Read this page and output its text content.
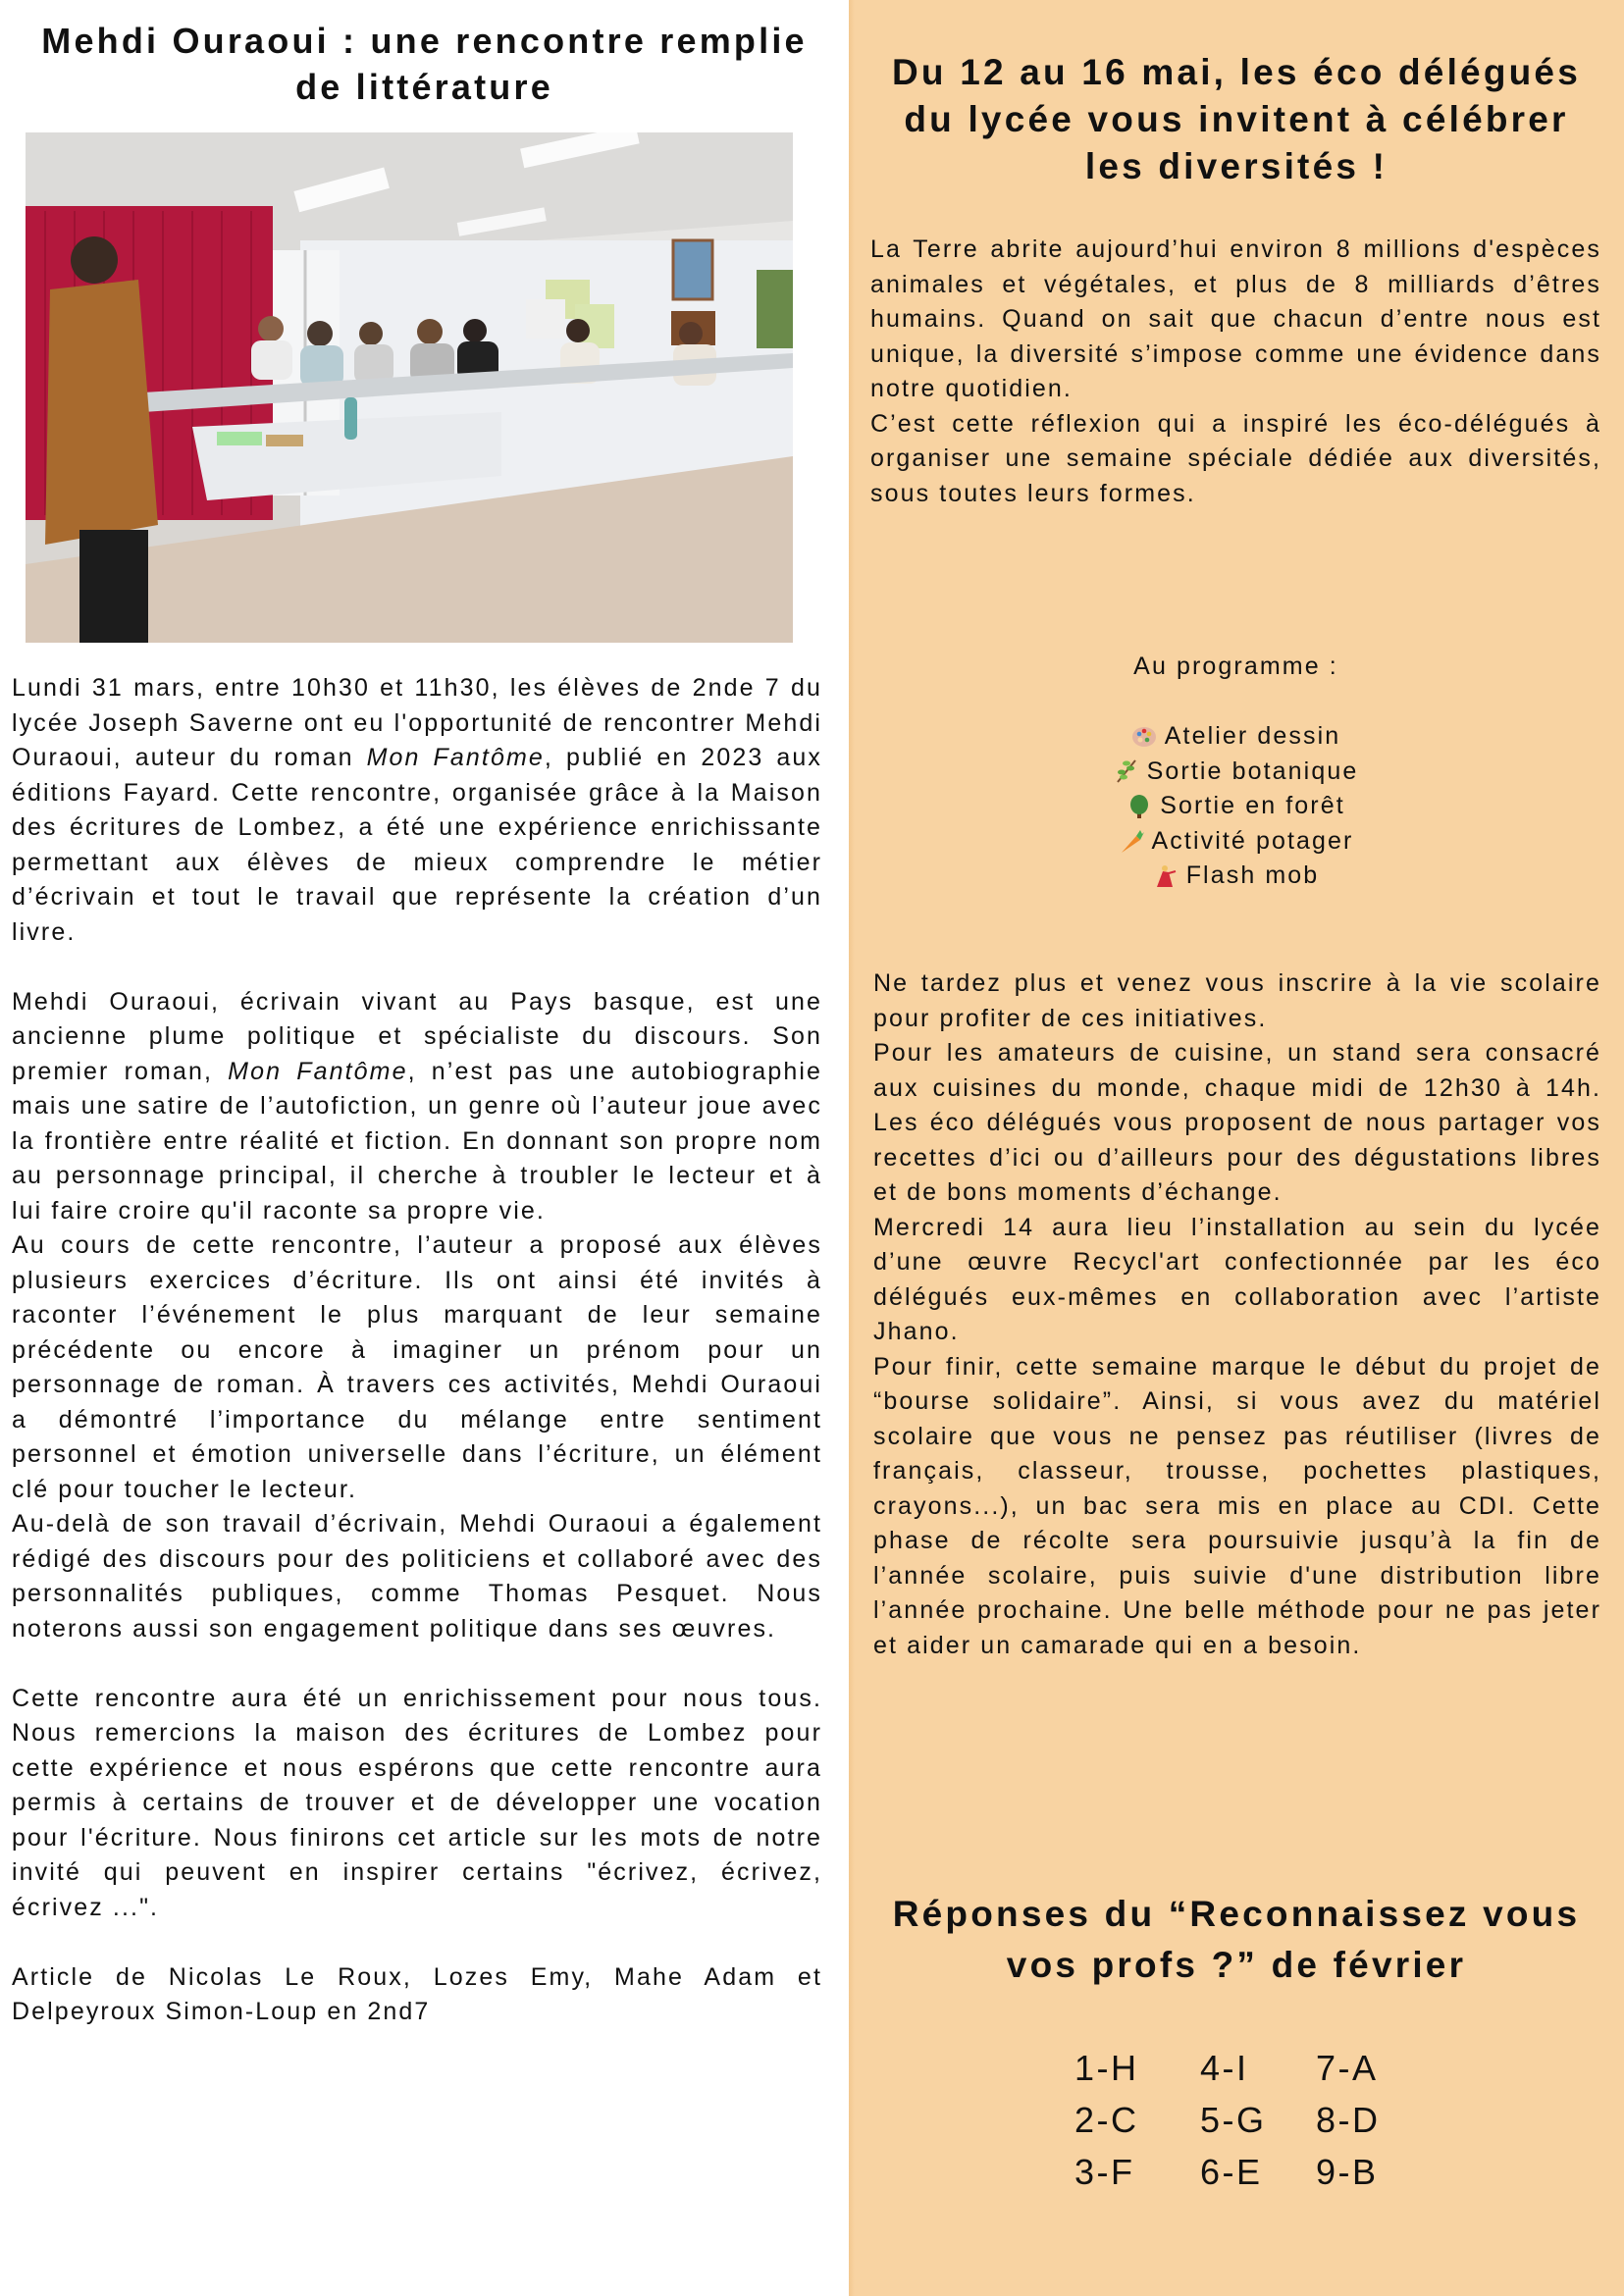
Mehdi Ouraoui : une rencontre remplie de littérature

Lundi 31 mars, entre 10h30 et 11h30, les élèves de 2nde 7 du lycée Joseph Saverne ont eu l'opportunité de rencontrer Mehdi Ouraoui, auteur du roman Mon Fantôme, publié en 2023 aux éditions Fayard. Cette rencontre, organisée grâce à la Maison des écritures de Lombez, a été une expérience enrichissante permettant aux élèves de mieux comprendre le métier d’écrivain et tout le travail que représente la création d’un livre.

Mehdi Ouraoui, écrivain vivant au Pays basque, est une ancienne plume politique et spécialiste du discours. Son premier roman, Mon Fantôme, n’est pas une autobiographie mais une satire de l’autofiction, un genre où l’auteur joue avec la frontière entre réalité et fiction. En donnant son propre nom au personnage principal, il cherche à troubler le lecteur et à lui faire croire qu'il raconte sa propre vie.

Au cours de cette rencontre, l’auteur a proposé aux élèves plusieurs exercices d’écriture. Ils ont ainsi été invités à raconter l’événement le plus marquant de leur semaine précédente ou encore à imaginer un prénom pour un personnage de roman. À travers ces activités, Mehdi Ouraoui a démontré l’importance du mélange entre sentiment personnel et émotion universelle dans l’écriture, un élément clé pour toucher le lecteur.

Au-delà de son travail d’écrivain, Mehdi Ouraoui a également rédigé des discours pour des politiciens et collaboré avec des personnalités publiques, comme Thomas Pesquet. Nous noterons aussi son engagement politique dans ses œuvres.

Cette rencontre aura été un enrichissement pour nous tous. Nous remercions la maison des écritures de Lombez pour cette expérience et nous espérons que cette rencontre aura permis à certains de trouver et de développer une vocation pour l'écriture. Nous finirons cet article sur les mots de notre invité qui peuvent en inspirer certains "écrivez, écrivez, écrivez ...".

Article de Nicolas Le Roux, Lozes Emy, Mahe Adam et Delpeyroux Simon-Loup en 2nd7

Du 12 au 16 mai, les éco délégués du lycée vous invitent à célébrer les diversités !

La Terre abrite aujourd’hui environ 8 millions d'espèces animales et végétales, et plus de 8 milliards d’êtres humains. Quand on sait que chacun d’entre nous est unique, la diversité s’impose comme une évidence dans notre quotidien.

C’est cette réflexion qui a inspiré les éco-délégués à organiser une semaine spéciale dédiée aux diversités, sous toutes leurs formes.

Au programme :
Atelier dessin
Sortie botanique
Sortie en forêt
Activité potager
Flash mob

Ne tardez plus et venez vous inscrire à la vie scolaire pour profiter de ces initiatives.

Pour les amateurs de cuisine, un stand sera consacré aux cuisines du monde, chaque midi de 12h30 à 14h. Les éco délégués vous proposent de nous partager vos recettes d’ici ou d’ailleurs pour des dégustations libres et de bons moments d’échange.

Mercredi 14 aura lieu l’installation au sein du lycée d’une œuvre Recycl'art confectionnée par les éco délégués eux-mêmes en collaboration avec l’artiste Jhano.

Pour finir, cette semaine marque le début du projet de “bourse solidaire”. Ainsi, si vous avez du matériel scolaire que vous ne pensez pas réutiliser (livres de français, classeur, trousse, pochettes plastiques, crayons...), un bac sera mis en place au CDI. Cette phase de récolte sera poursuivie jusqu’à la fin de l’année scolaire, puis suivie d'une distribution libre l’année prochaine. Une belle méthode pour ne pas jeter et aider un camarade qui en a besoin.

Réponses du “Reconnaissez vous vos profs ?” de février
1-H	4-I	7-A
2-C	5-G	8-D
3-F	6-E	9-B
